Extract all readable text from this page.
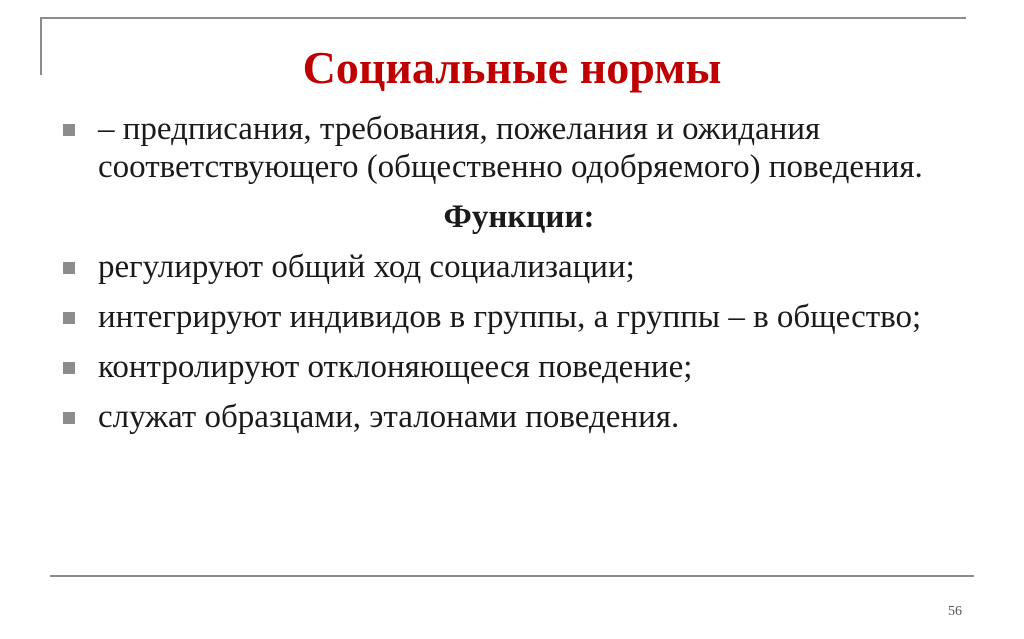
Социальные нормы
– предписания, требования, пожелания и ожидания соответствующего (общественно одобряемого) поведения.
Функции:
регулируют общий ход социализации;
интегрируют индивидов в группы, а группы – в общество;
контролируют отклоняющееся поведение;
служат образцами, эталонами поведения.
56
